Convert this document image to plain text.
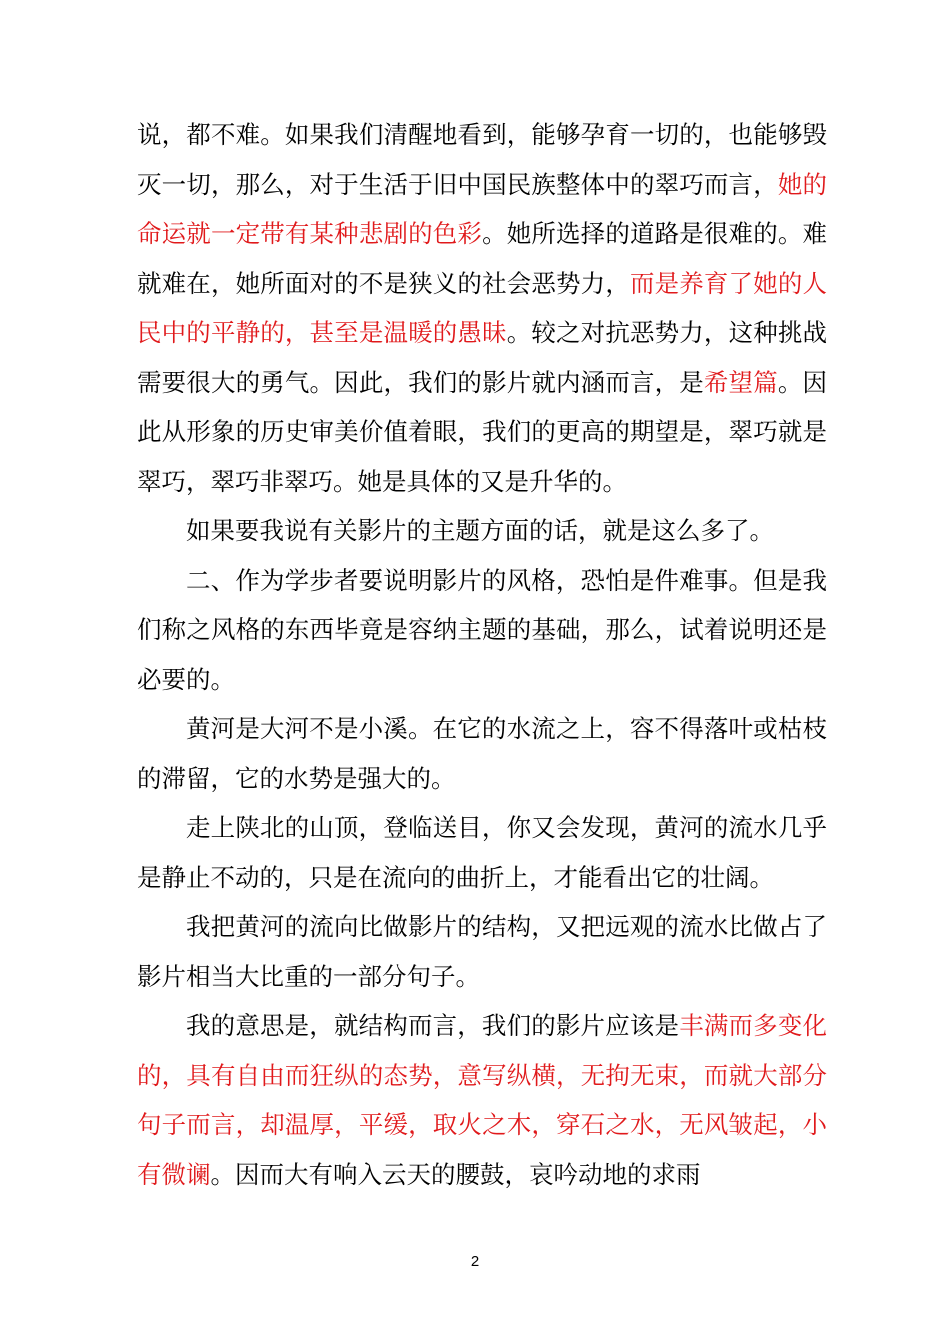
说，都不难。如果我们清醒地看到，能够孕育一切的，也能够毁灭一切，那么，对于生活于旧中国民族整体中的翠巧而言，她的命运就一定带有某种悲剧的色彩。她所选择的道路是很难的。难就难在，她所面对的不是狭义的社会恶势力，而是养育了她的人民中的平静的，甚至是温暖的愚昧。较之对抗恶势力，这种挑战需要很大的勇气。因此，我们的影片就内涵而言，是希望篇。因此从形象的历史审美价值着眼，我们的更高的期望是，翠巧就是翠巧，翠巧非翠巧。她是具体的又是升华的。

如果要我说有关影片的主题方面的话，就是这么多了。

二、作为学步者要说明影片的风格，恐怕是件难事。但是我们称之风格的东西毕竟是容纳主题的基础，那么，试着说明还是必要的。

黄河是大河不是小溪。在它的水流之上，容不得落叶或枯枝的滞留，它的水势是强大的。

走上陕北的山顶，登临送目，你又会发现，黄河的流水几乎是静止不动的，只是在流向的曲折上，才能看出它的壮阔。

我把黄河的流向比做影片的结构，又把远观的流水比做占了影片相当大比重的一部分句子。

我的意思是，就结构而言，我们的影片应该是丰满而多变化的，具有自由而狂纵的态势，意写纵横，无拘无束，而就大部分句子而言，却温厚，平缓，取火之木，穿石之水，无风皱起，小有微谰。因而大有响入云天的腰鼓，哀吟动地的求雨

2
